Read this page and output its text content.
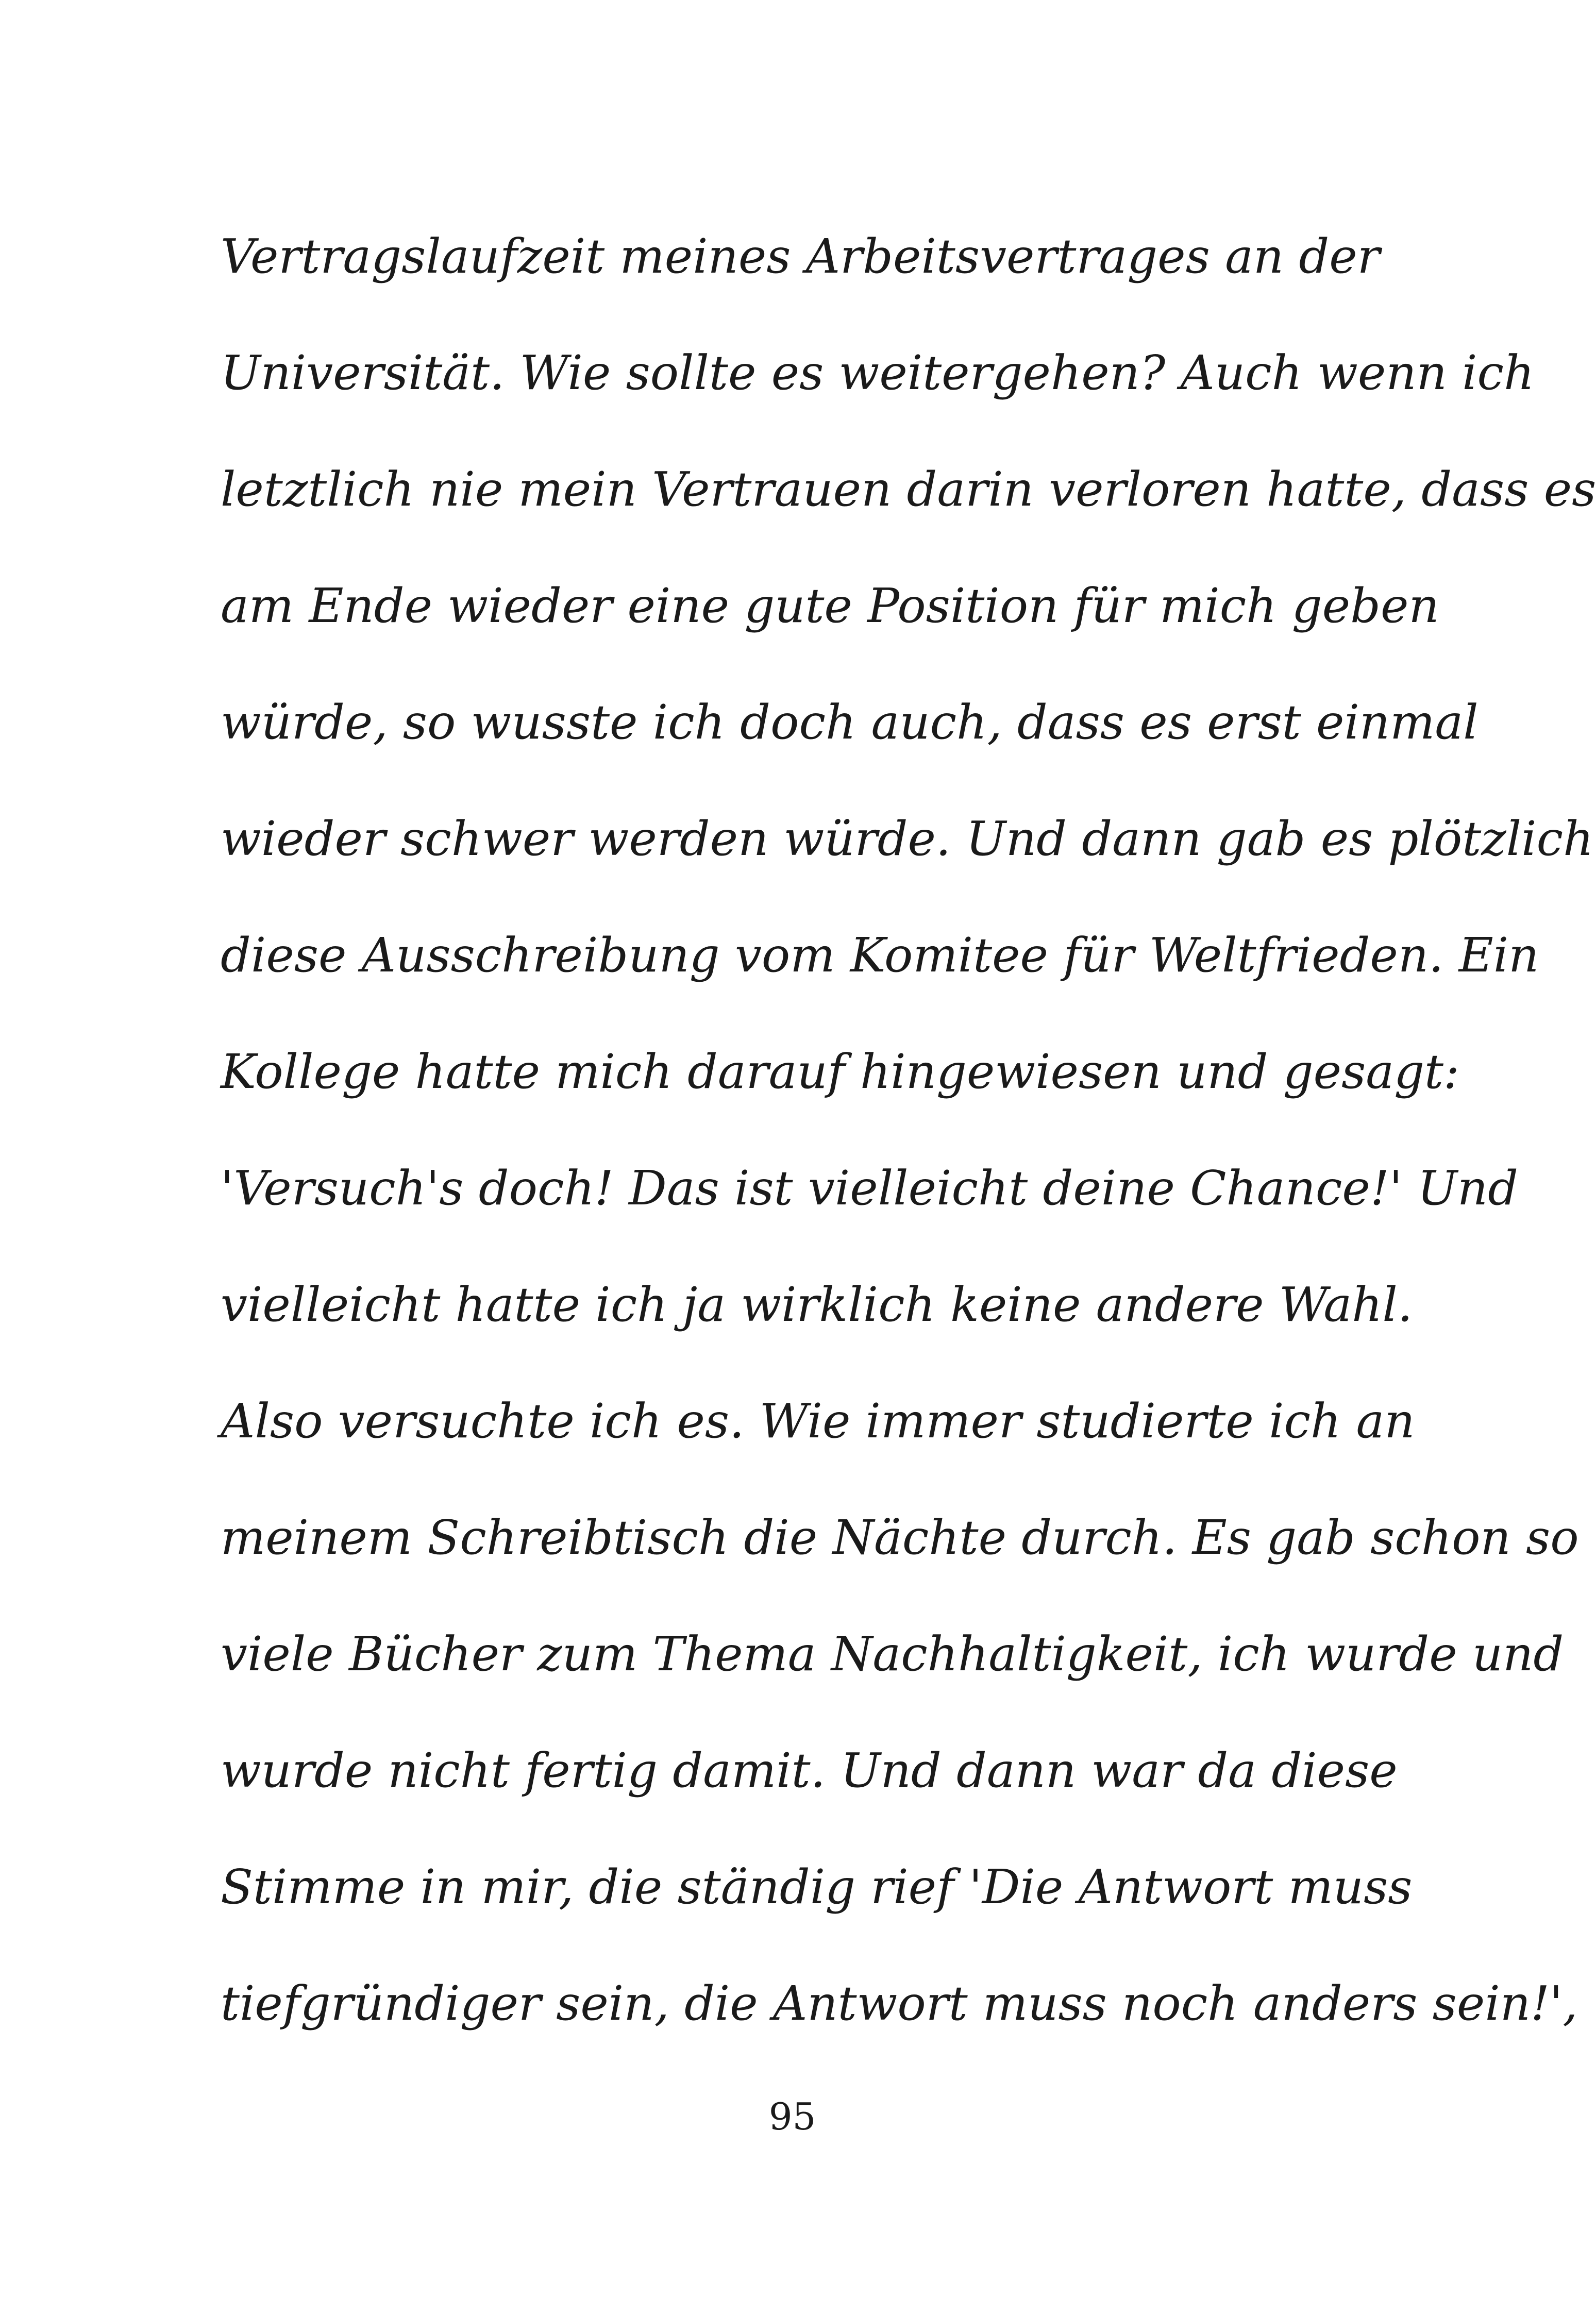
Vertragslaufzeit meines Arbeitsvertrages an der
Universität. Wie sollte es weitergehen? Auch wenn ich
letztlich nie mein Vertrauen darin verloren hatte, dass es
am Ende wieder eine gute Position für mich geben
würde, so wusste ich doch auch, dass es erst einmal
wieder schwer werden würde. Und dann gab es plötzlich
diese Ausschreibung vom Komitee für Weltfrieden. Ein
Kollege hatte mich darauf hingewiesen und gesagt:
'Versuch's doch! Das ist vielleicht deine Chance!' Und
vielleicht hatte ich ja wirklich keine andere Wahl.
Also versuchte ich es. Wie immer studierte ich an
meinem Schreibtisch die Nächte durch. Es gab schon so
viele Bücher zum Thema Nachhaltigkeit, ich wurde und
wurde nicht fertig damit. Und dann war da diese
Stimme in mir, die ständig rief 'Die Antwort muss
tiefgründiger sein, die Antwort muss noch anders sein!',
95
